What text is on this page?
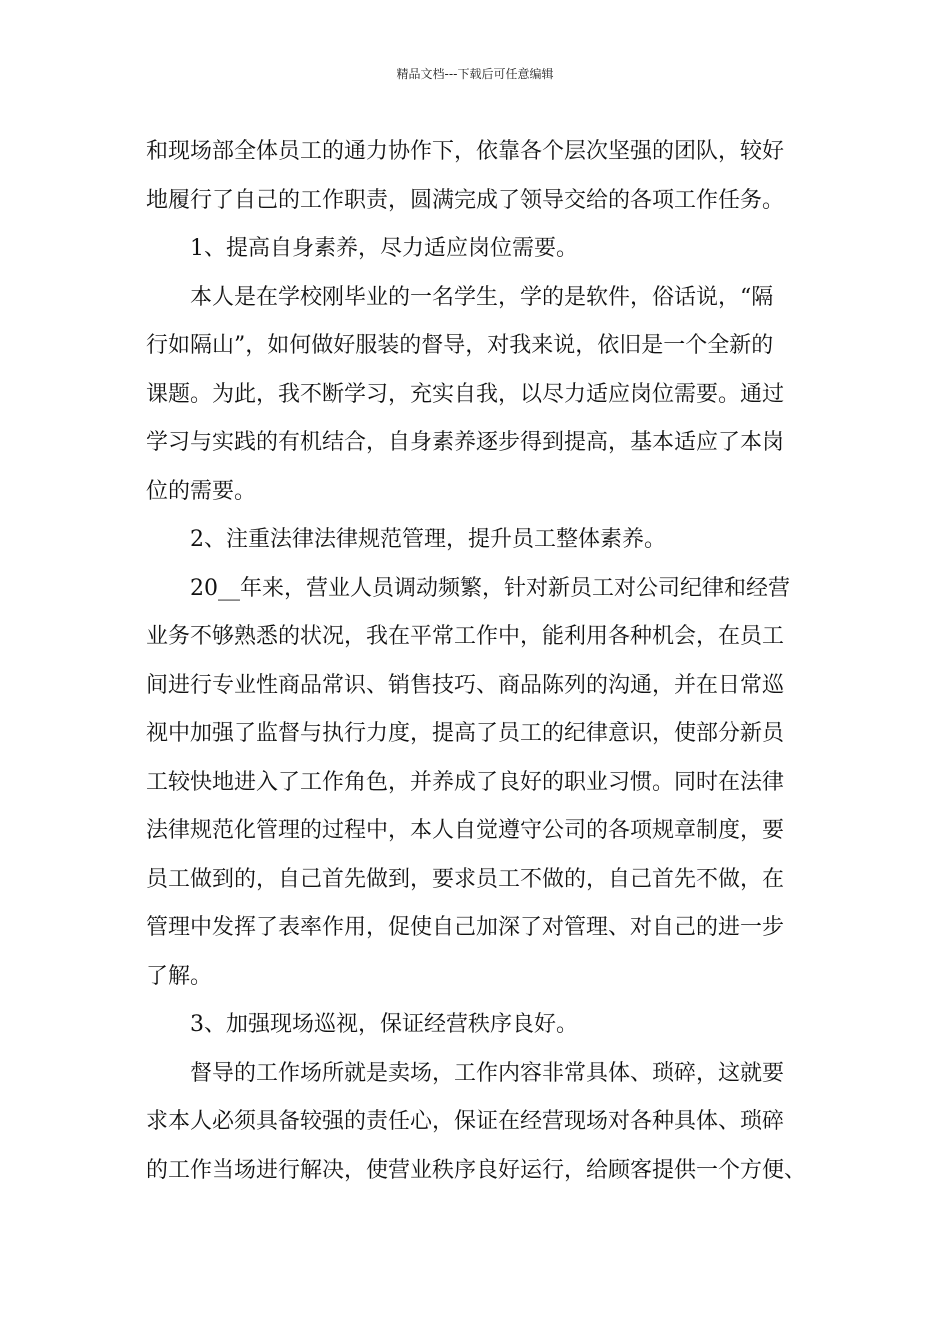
精品文档---下载后可任意编辑
和现场部全体员工的通力协作下，依靠各个层次坚强的团队，较好
地履行了自己的工作职责，圆满完成了领导交给的各项工作任务。
1、提高自身素养，尽力适应岗位需要。
本人是在学校刚毕业的一名学生，学的是软件，俗话说，“隔
行如隔山”，如何做好服装的督导，对我来说，依旧是一个全新的
课题。为此，我不断学习，充实自我，以尽力适应岗位需要。通过
学习与实践的有机结合，自身素养逐步得到提高，基本适应了本岗
位的需要。
2、注重法律法律规范管理，提升员工整体素养。
20__年来，营业人员调动频繁，针对新员工对公司纪律和经营
业务不够熟悉的状况，我在平常工作中，能利用各种机会，在员工
间进行专业性商品常识、销售技巧、商品陈列的沟通，并在日常巡
视中加强了监督与执行力度，提高了员工的纪律意识，使部分新员
工较快地进入了工作角色，并养成了良好的职业习惯。同时在法律
法律规范化管理的过程中，本人自觉遵守公司的各项规章制度，要
员工做到的，自己首先做到，要求员工不做的，自己首先不做，在
管理中发挥了表率作用，促使自己加深了对管理、对自己的进一步
了解。
3、加强现场巡视，保证经营秩序良好。
督导的工作场所就是卖场，工作内容非常具体、琐碎，这就要
求本人必须具备较强的责任心，保证在经营现场对各种具体、琐碎
的工作当场进行解决，使营业秩序良好运行，给顾客提供一个方便、
